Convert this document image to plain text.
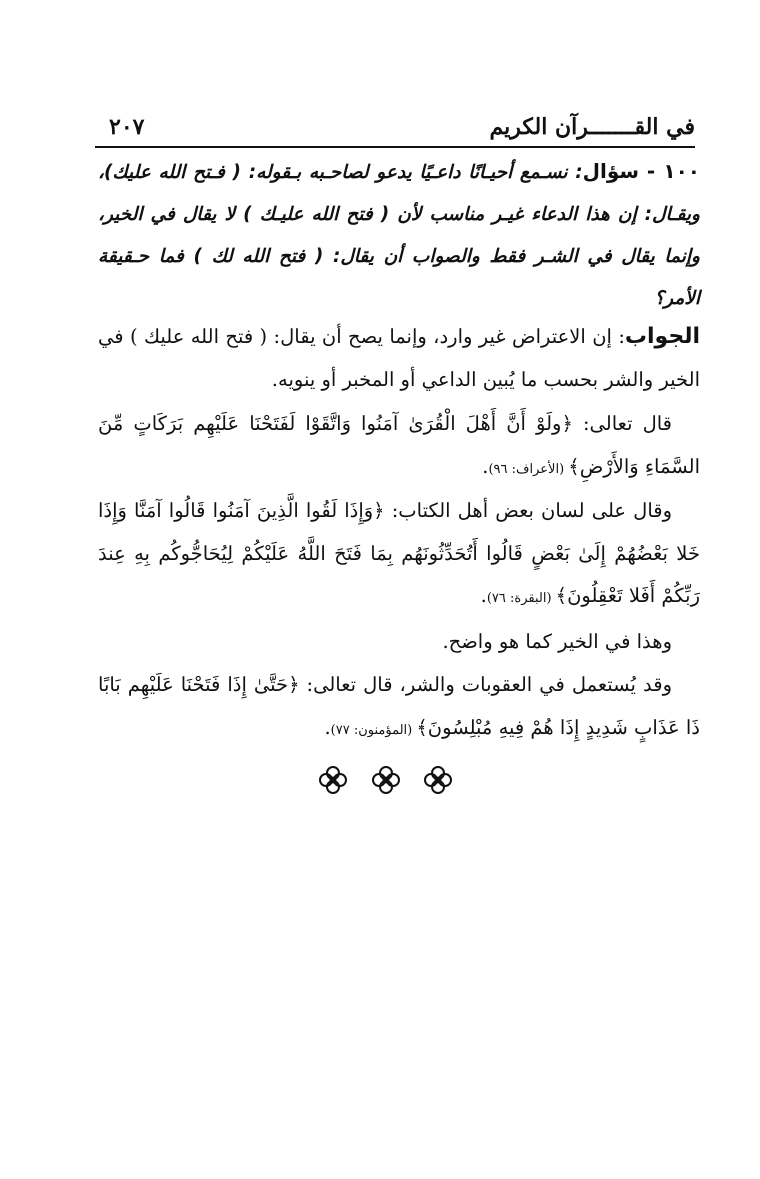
في القـــــــرآن الكريم
٢٠٧
١٠٠ - سؤال: نسـمع أحيـانًا داعـيًا يدعو لصاحـبه بـقوله: ( فـتح الله عليك)، ويقـال: إن هذا الدعاء غيـر مناسب لأن ( فتح الله عليـك ) لا يقال في الخير، وإنما يقال في الشـر فقط والصواب أن يقال: ( فتح الله لك ) فما حـقيقة الأمر؟
الجواب: إن الاعتراض غير وارد، وإنما يصح أن يقال: ( فتح الله عليك ) في الخير والشر بحسب ما يُبين الداعي أو المخبر أو ينويه.
قال تعالى: ﴿ولَوْ أَنَّ أَهْلَ الْقُرَىٰ آمَنُوا وَاتَّقَوْا لَفَتَحْنَا عَلَيْهِم بَرَكَاتٍ مِّنَ السَّمَاءِ وَالأَرْضِ﴾ (الأعراف: ٩٦).
وقال على لسان بعض أهل الكتاب: ﴿وَإِذَا لَقُوا الَّذِينَ آمَنُوا قَالُوا آمَنَّا وَإِذَا خَلا بَعْضُهُمْ إِلَىٰ بَعْضٍ قَالُوا أَتُحَدِّثُونَهُم بِمَا فَتَحَ اللَّهُ عَلَيْكُمْ لِيُحَاجُّوكُم بِهِ عِندَ رَبِّكُمْ أَفَلا تَعْقِلُونَ﴾ (البقرة: ٧٦).
وهذا في الخير كما هو واضح.
وقد يُستعمل في العقوبات والشر، قال تعالى: ﴿حَتَّىٰ إِذَا فَتَحْنَا عَلَيْهِم بَابًا ذَا عَذَابٍ شَدِيدٍ إِذَا هُمْ فِيهِ مُبْلِسُونَ﴾ (المؤمنون: ٧٧).
